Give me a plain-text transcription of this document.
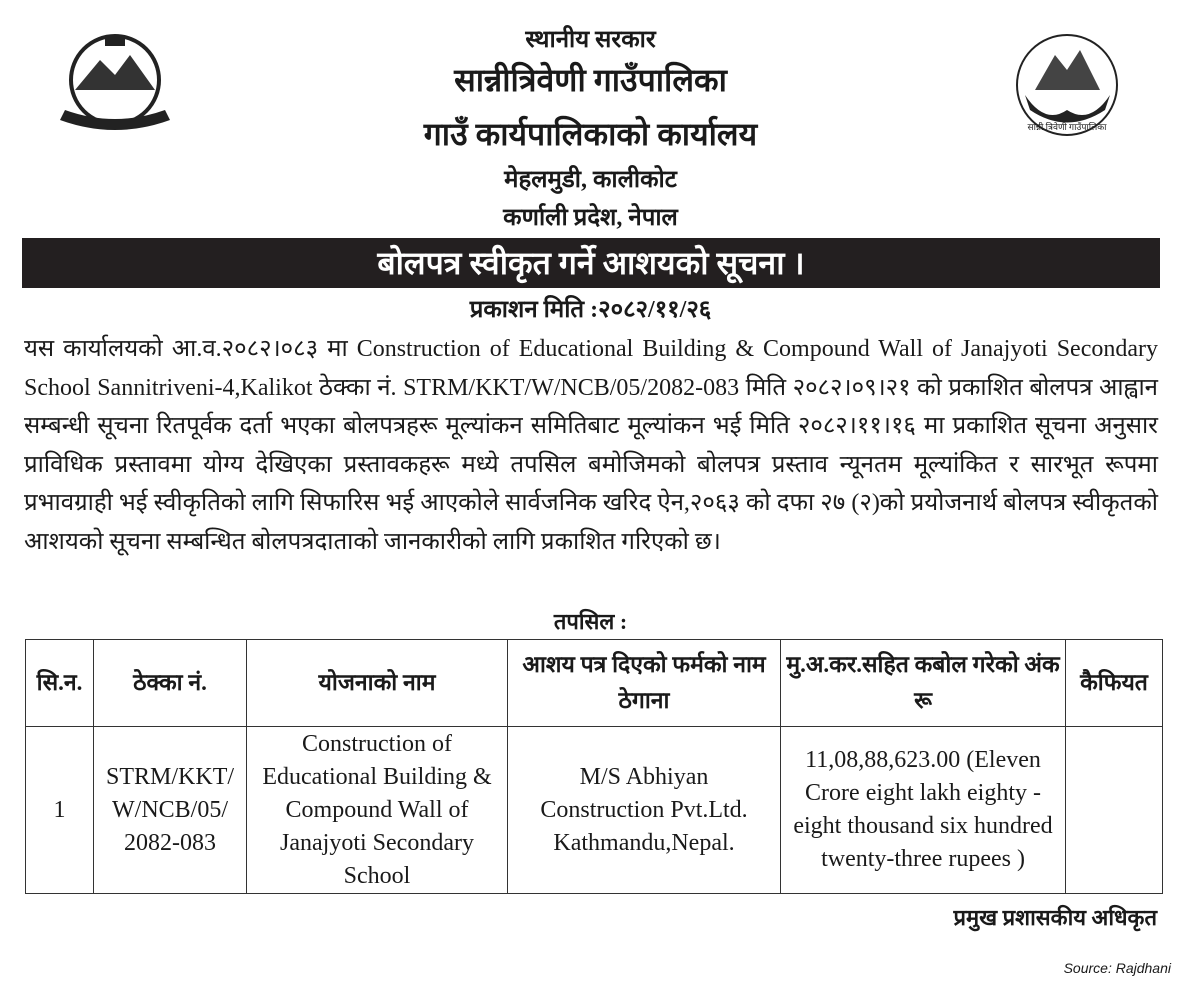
सान्नी त्रिवेणी गाउँपालिका
स्थानीय सरकार
सान्नीत्रिवेणी गाउँपालिका
गाउँ कार्यपालिकाको कार्यालय
मेहलमुडी, कालीकोट
कर्णाली प्रदेश, नेपाल
बोलपत्र स्वीकृत गर्ने आशयको सूचना ।
प्रकाशन मिति :२०८२/११/२६
यस कार्यालयको आ.व.२०८२।०८३ मा Construction of Educational Building & Compound Wall of Janajyoti Secondary School Sannitriveni-4,Kalikot ठेक्का नं. STRM/KKT/W/NCB/05/2082-083 मिति २०८२।०९।२१ को प्रकाशित बोलपत्र आह्वान सम्बन्धी सूचना रितपूर्वक दर्ता भएका बोलपत्रहरू मूल्यांकन समितिबाट मूल्यांकन भई मिति २०८२।११।१६ मा प्रकाशित सूचना अनुसार प्राविधिक प्रस्तावमा योग्य देखिएका प्रस्तावकहरू मध्ये तपसिल बमोजिमको बोलपत्र प्रस्ताव न्यूनतम मूल्यांकित र सारभूत रूपमा प्रभावग्राही भई स्वीकृतिको लागि सिफारिस भई आएकोले सार्वजनिक खरिद ऐन,२०६३ को दफा २७ (२)को प्रयोजनार्थ बोलपत्र स्वीकृतको आशयको सूचना सम्बन्धित बोलपत्रदाताको जानकारीको लागि प्रकाशित गरिएको छ।
तपसिल :
सि.न.	ठेक्का नं.	योजनाको नाम	आशय पत्र दिएको फर्मको नाम ठेगाना	मु.अ.कर.सहित कबोल गरेको अंक रू	कैफियत
1	STRM/KKT/ W/NCB/05/ 2082-083	Construction of Educational Building & Compound Wall of Janajyoti Secondary School	M/S Abhiyan Construction Pvt.Ltd. Kathmandu,Nepal.	11,08,88,623.00 (Eleven Crore eight lakh eighty -eight thousand six hundred twenty-three rupees )	
प्रमुख प्रशासकीय अधिकृत
Source: Rajdhani
